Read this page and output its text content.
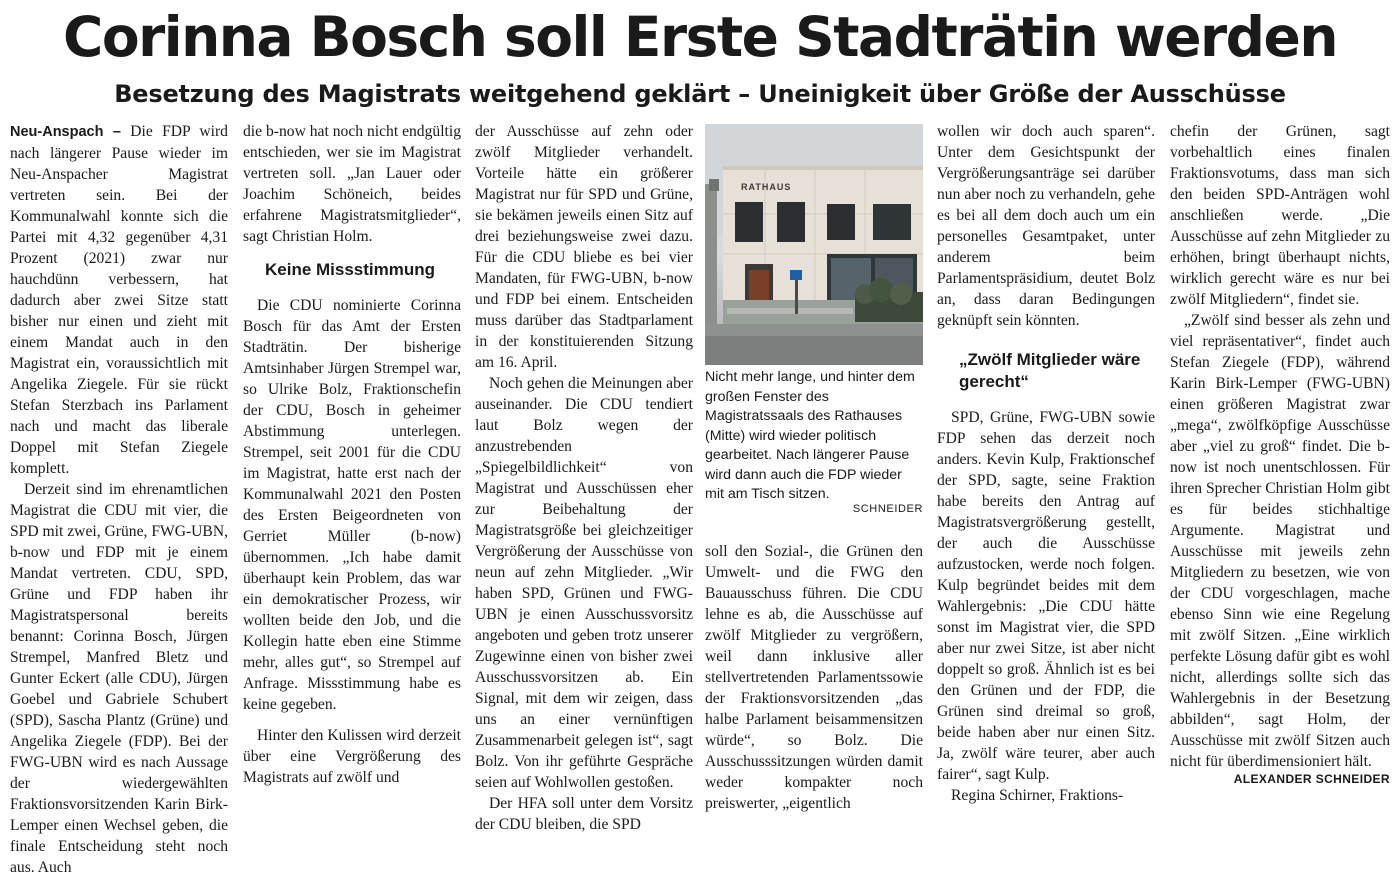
Corinna Bosch soll Erste Stadträtin werden
Besetzung des Magistrats weitgehend geklärt – Uneinigkeit über Größe der Ausschüsse

Neu-Anspach – Die FDP wird nach längerer Pause wieder im Neu-Anspacher Magistrat vertreten sein. Bei der Kommunalwahl konnte sich die Partei mit 4,32 gegenüber 4,31 Prozent (2021) zwar nur hauchdünn verbessern, hat dadurch aber zwei Sitze statt bisher nur einen und zieht mit einem Mandat auch in den Magistrat ein, voraussichtlich mit Angelika Ziegele. Für sie rückt Stefan Sterzbach ins Parlament nach und macht das liberale Doppel mit Stefan Ziegele komplett.

Derzeit sind im ehrenamtlichen Magistrat die CDU mit vier, die SPD mit zwei, Grüne, FWG-UBN, b-now und FDP mit je einem Mandat vertreten. CDU, SPD, Grüne und FDP haben ihr Magistratspersonal bereits benannt: Corinna Bosch, Jürgen Strempel, Manfred Bletz und Gunter Eckert (alle CDU), Jürgen Goebel und Gabriele Schubert (SPD), Sascha Plantz (Grüne) und Angelika Ziegele (FDP). Bei der FWG-UBN wird es nach Aussage der wiedergewählten Fraktionsvorsitzenden Karin Birk-Lemper einen Wechsel geben, die finale Entscheidung steht noch aus. Auch

die b-now hat noch nicht endgültig entschieden, wer sie im Magistrat vertreten soll. „Jan Lauer oder Joachim Schöneich, beides erfahrene Magistratsmitglieder“, sagt Christian Holm.

Keine Missstimmung

Die CDU nominierte Corinna Bosch für das Amt der Ersten Stadträtin. Der bisherige Amtsinhaber Jürgen Strempel war, so Ulrike Bolz, Fraktionschefin der CDU, Bosch in geheimer Abstimmung unterlegen. Strempel, seit 2001 für die CDU im Magistrat, hatte erst nach der Kommunalwahl 2021 den Posten des Ersten Beigeordneten von Gerriet Müller (b-now) übernommen. „Ich habe damit überhaupt kein Problem, das war ein demokratischer Prozess, wir wollten beide den Job, und die Kollegin hatte eben eine Stimme mehr, alles gut“, so Strempel auf Anfrage. Missstimmung habe es keine gegeben.

Hinter den Kulissen wird derzeit über eine Vergrößerung des Magistrats auf zwölf und

der Ausschüsse auf zehn oder zwölf Mitglieder verhandelt. Vorteile hätte ein größerer Magistrat nur für SPD und Grüne, sie bekämen jeweils einen Sitz auf drei beziehungsweise zwei dazu. Für die CDU bliebe es bei vier Mandaten, für FWG-UBN, b-now und FDP bei einem. Entscheiden muss darüber das Stadtparlament in der konstituierenden Sitzung am 16. April.

Noch gehen die Meinungen aber auseinander. Die CDU tendiert laut Bolz wegen der anzustrebenden „Spiegelbildlichkeit“ von Magistrat und Ausschüssen eher zur Beibehaltung der Magistratsgröße bei gleichzeitiger Vergrößerung der Ausschüsse von neun auf zehn Mitglieder. „Wir haben SPD, Grünen und FWG-UBN je einen Ausschussvorsitz angeboten und geben trotz unserer Zugewinne einen von bisher zwei Ausschussvorsitzen ab. Ein Signal, mit dem wir zeigen, dass uns an einer vernünftigen Zusammenarbeit gelegen ist“, sagt Bolz. Von ihr geführte Gespräche seien auf Wohlwollen gestoßen.

Der HFA soll unter dem Vorsitz der CDU bleiben, die SPD

RATHAUS
Nicht mehr lange, und hinter dem großen Fenster des Magistratssaals des Rathauses (Mitte) wird wieder politisch gearbeitet. Nach längerer Pause wird dann auch die FDP wieder mit am Tisch sitzen.
SCHNEIDER

soll den Sozial-, die Grünen den Umwelt- und die FWG den Bauausschuss führen. Die CDU lehne es ab, die Ausschüsse auf zwölf Mitglieder zu vergrößern, weil dann inklusive aller stellvertretenden Parlamentssowie der Fraktionsvorsitzenden „das halbe Parlament beisammensitzen würde“, so Bolz. Die Ausschusssitzungen würden damit weder kompakter noch preiswerter, „eigentlich

wollen wir doch auch sparen“. Unter dem Gesichtspunkt der Vergrößerungsanträge sei darüber nun aber noch zu verhandeln, gehe es bei all dem doch auch um ein personelles Gesamtpaket, unter anderem beim Parlamentspräsidium, deutet Bolz an, dass daran Bedingungen geknüpft sein könnten.

„Zwölf Mitglieder wäre gerecht“

SPD, Grüne, FWG-UBN sowie FDP sehen das derzeit noch anders. Kevin Kulp, Fraktionschef der SPD, sagte, seine Fraktion habe bereits den Antrag auf Magistratsvergrößerung gestellt, der auch die Ausschüsse aufzustocken, werde noch folgen. Kulp begründet beides mit dem Wahlergebnis: „Die CDU hätte sonst im Magistrat vier, die SPD aber nur zwei Sitze, ist aber nicht doppelt so groß. Ähnlich ist es bei den Grünen und der FDP, die Grünen sind dreimal so groß, beide haben aber nur einen Sitz. Ja, zwölf wäre teurer, aber auch fairer“, sagt Kulp.

Regina Schirner, Fraktions-

chefin der Grünen, sagt vorbehaltlich eines finalen Fraktionsvotums, dass man sich den beiden SPD-Anträgen wohl anschließen werde. „Die Ausschüsse auf zehn Mitglieder zu erhöhen, bringt überhaupt nichts, wirklich gerecht wäre es nur bei zwölf Mitgliedern“, findet sie.

„Zwölf sind besser als zehn und viel repräsentativer“, findet auch Stefan Ziegele (FDP), während Karin Birk-Lemper (FWG-UBN) einen größeren Magistrat zwar „mega“, zwölfköpfige Ausschüsse aber „viel zu groß“ findet. Die b-now ist noch unentschlossen. Für ihren Sprecher Christian Holm gibt es für beides stichhaltige Argumente. Magistrat und Ausschüsse mit jeweils zehn Mitgliedern zu besetzen, wie von der CDU vorgeschlagen, mache ebenso Sinn wie eine Regelung mit zwölf Sitzen. „Eine wirklich perfekte Lösung dafür gibt es wohl nicht, allerdings sollte sich das Wahlergebnis in der Besetzung abbilden“, sagt Holm, der Ausschüsse mit zwölf Sitzen auch nicht für überdimensioniert hält.

ALEXANDER SCHNEIDER
